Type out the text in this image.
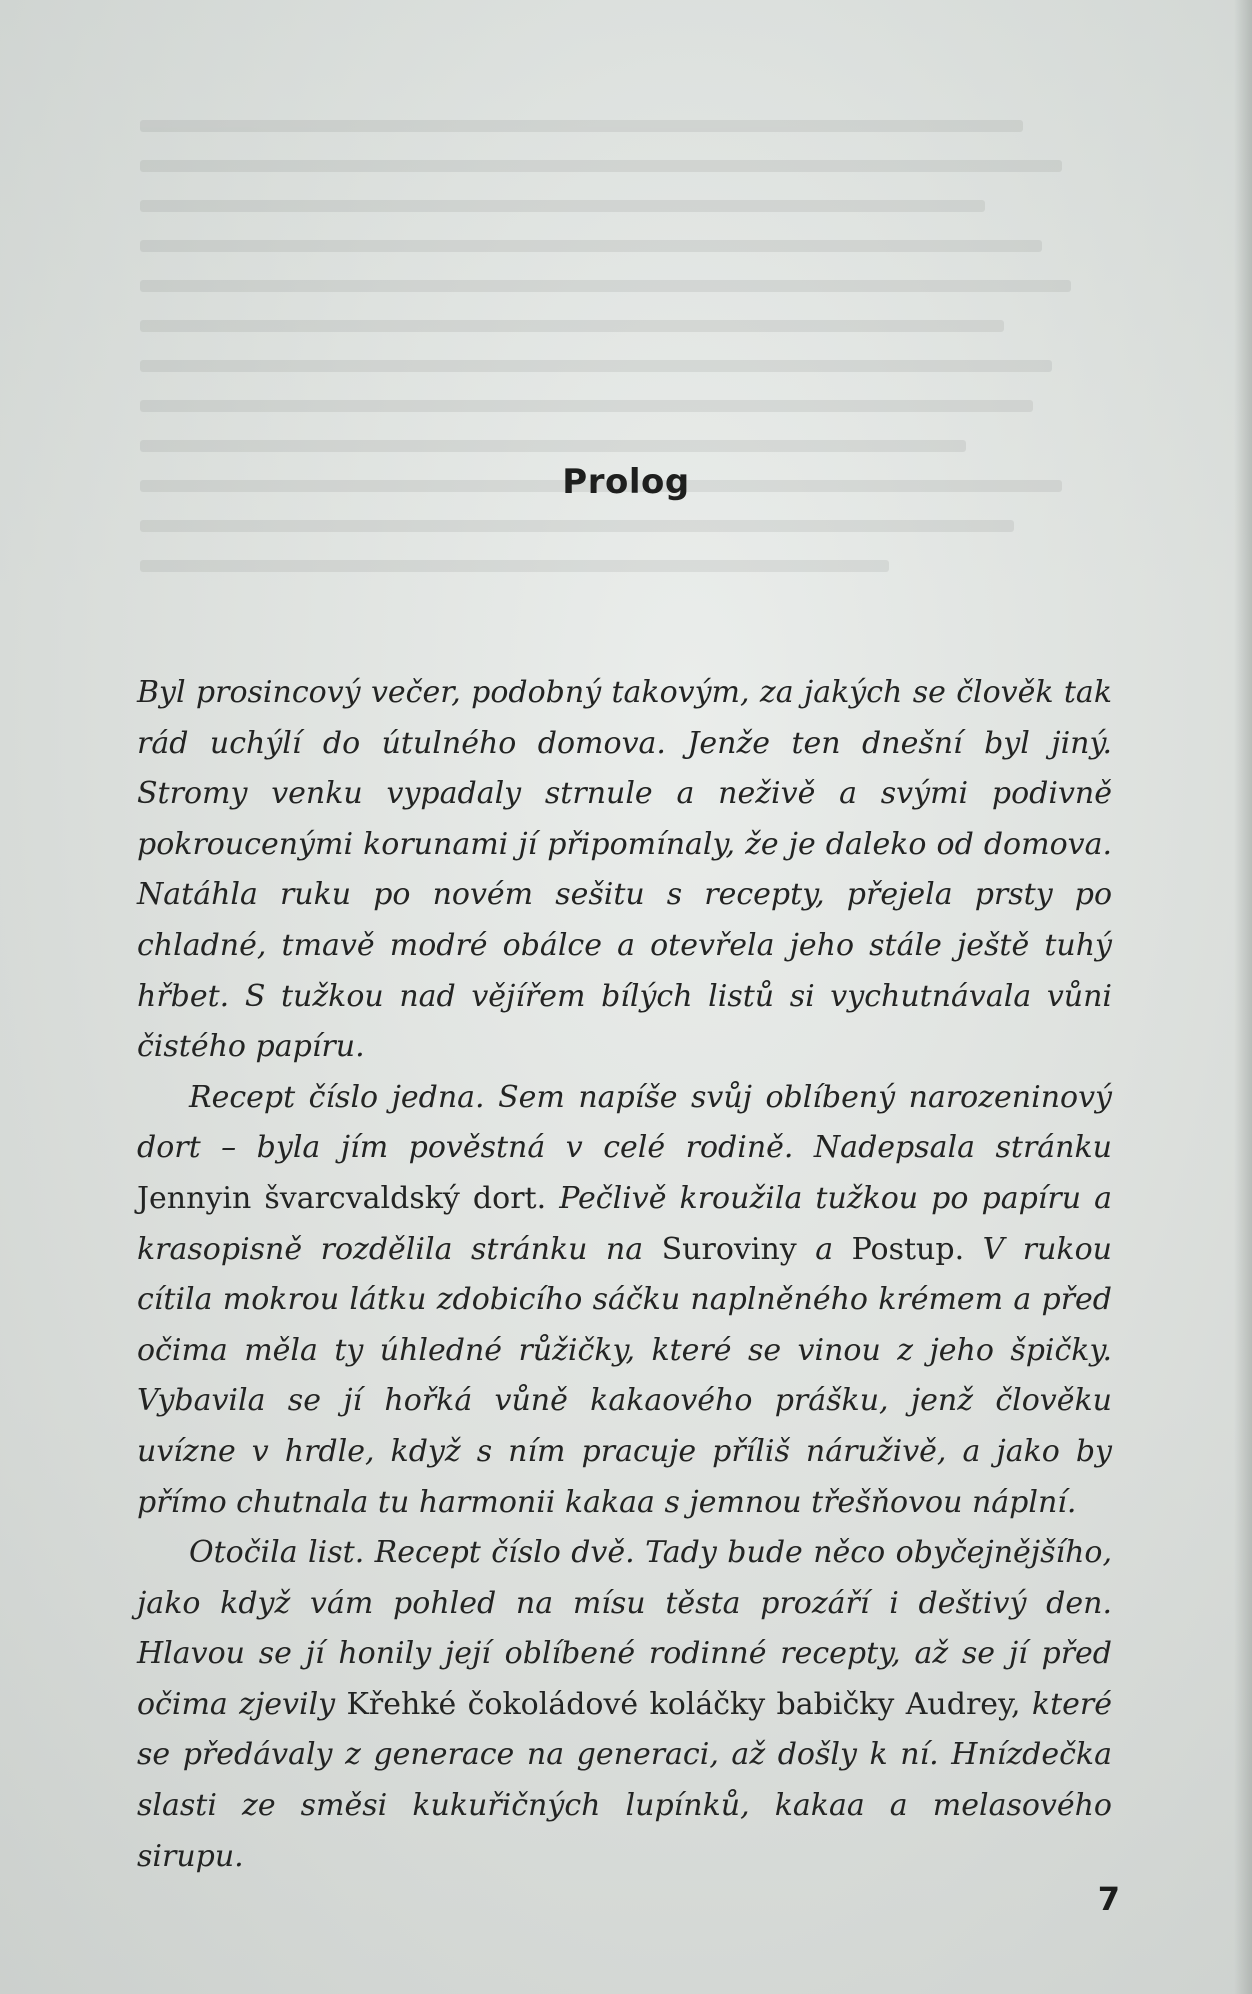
Prolog

Byl prosincový večer, podobný takovým, za jakých se člověk tak rád uchýlí do útulného domova. Jenže ten dnešní byl jiný. Stromy venku vypadaly strnule a neživě a svými podivně pokroucenými korunami jí připomínaly, že je daleko od domova. Natáhla ruku po novém sešitu s recepty, přejela prsty po chladné, tmavě modré obálce a otevřela jeho stále ještě tuhý hřbet. S tužkou nad vějířem bílých listů si vychutnávala vůni čistého papíru.

Recept číslo jedna. Sem napíše svůj oblíbený narozeninový dort – byla jím pověstná v celé rodině. Nadepsala stránku Jennyin švarcvaldský dort. Pečlivě kroužila tužkou po papíru a krasopisně rozdělila stránku na Suroviny a Postup. V rukou cítila mokrou látku zdobicího sáčku naplněného krémem a před očima měla ty úhledné růžičky, které se vinou z jeho špičky. Vybavila se jí hořká vůně kakaového prášku, jenž člověku uvízne v hrdle, když s ním pracuje příliš náruživě, a jako by přímo chutnala tu harmonii kakaa s jemnou třešňovou náplní.

Otočila list. Recept číslo dvě. Tady bude něco obyčejnějšího, jako když vám pohled na mísu těsta prozáří i deštivý den. Hlavou se jí honily její oblíbené rodinné recepty, až se jí před očima zjevily Křehké čokoládové koláčky babičky Audrey, které se předávaly z generace na generaci, až došly k ní. Hnízdečka slasti ze směsi kukuřičných lupínků, kakaa a melasového sirupu.

7
